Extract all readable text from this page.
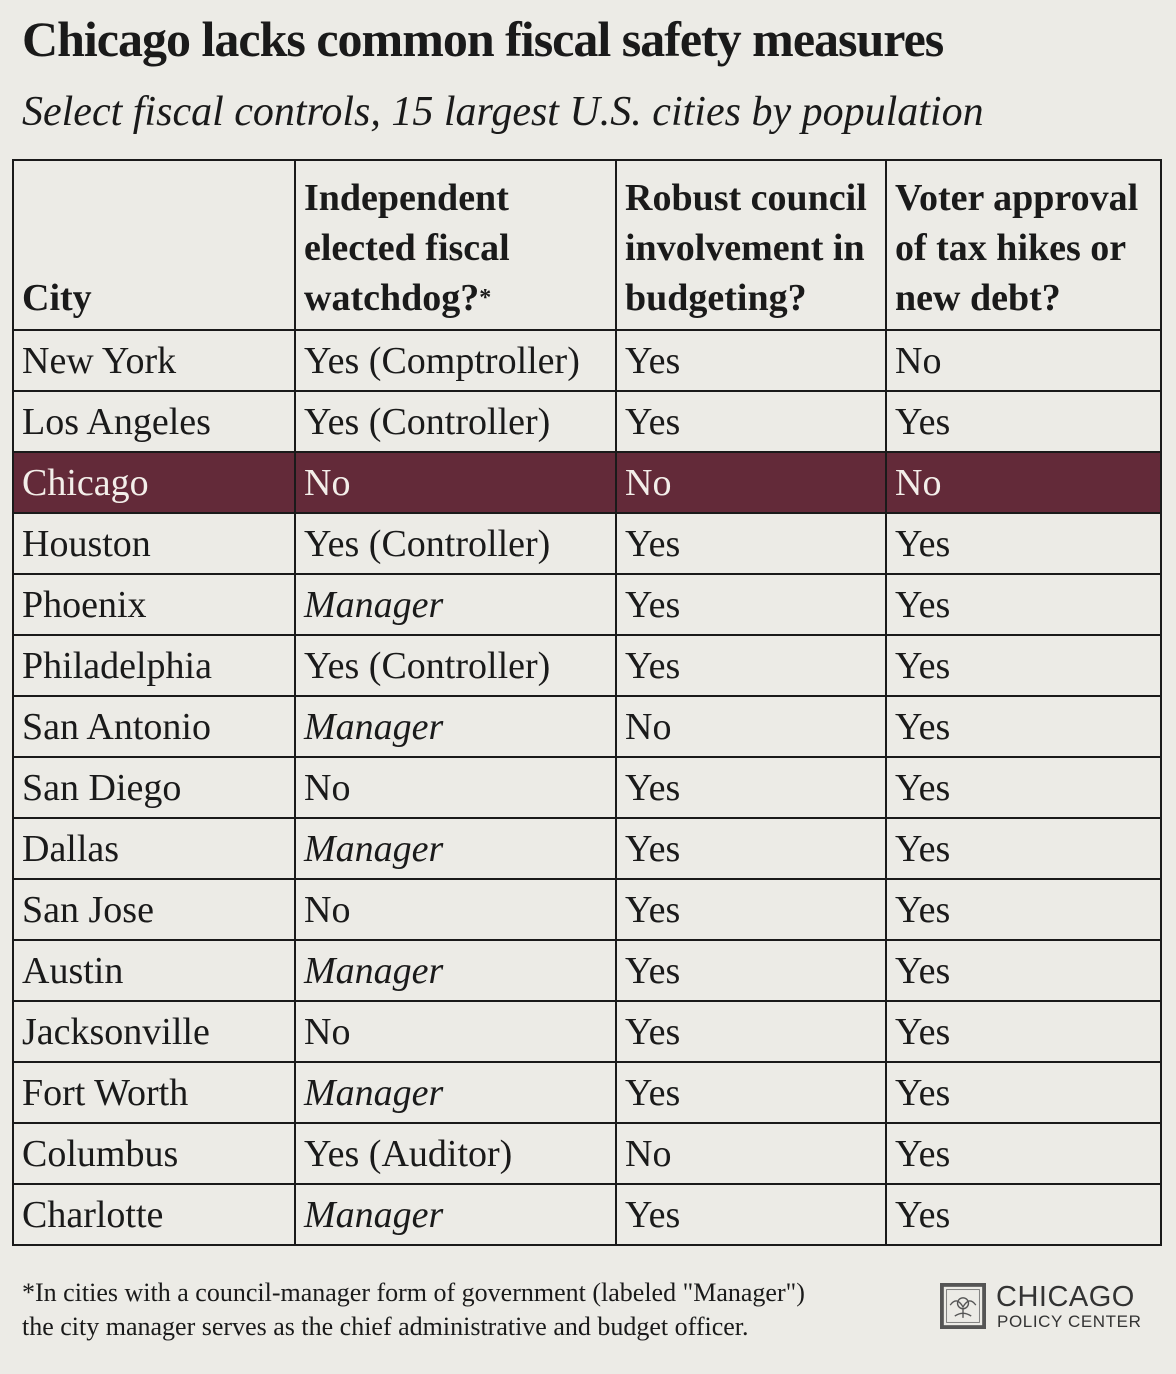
Chicago lacks common fiscal safety measures
Select fiscal controls, 15 largest U.S. cities by population
City	Independent elected fiscal watchdog?*	Robust council involvement in budgeting?	Voter approval of tax hikes or new debt?
New York	Yes (Comptroller)	Yes	No
Los Angeles	Yes (Controller)	Yes	Yes
Chicago	No	No	No
Houston	Yes (Controller)	Yes	Yes
Phoenix	Manager	Yes	Yes
Philadelphia	Yes (Controller)	Yes	Yes
San Antonio	Manager	No	Yes
San Diego	No	Yes	Yes
Dallas	Manager	Yes	Yes
San Jose	No	Yes	Yes
Austin	Manager	Yes	Yes
Jacksonville	No	Yes	Yes
Fort Worth	Manager	Yes	Yes
Columbus	Yes (Auditor)	No	Yes
Charlotte	Manager	Yes	Yes
*In cities with a council-manager form of government (labeled "Manager")
the city manager serves as the chief administrative and budget officer.
CHICAGO
POLICY CENTER
